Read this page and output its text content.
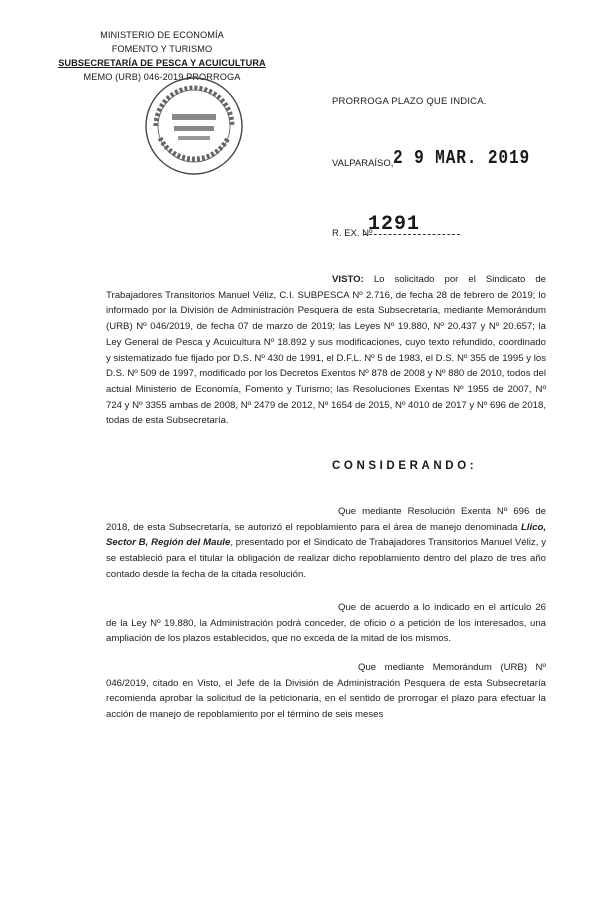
MINISTERIO DE ECONOMÍA
FOMENTO Y TURISMO
SUBSECRETARÍA DE PESCA Y ACUICULTURA
MEMO (URB) 046-2019 PRORROGA
PRORROGA PLAZO QUE INDICA.
VALPARAÍSO, 2 9 MAR. 2019
R. EX. Nº
1291
VISTO: Lo solicitado por el Sindicato de Trabajadores Transitorios Manuel Véliz, C.I. SUBPESCA Nº 2.716, de fecha 28 de febrero de 2019; lo informado por la División de Administración Pesquera de esta Subsecretaría, mediante Memorándum (URB) Nº 046/2019, de fecha 07 de marzo de 2019; las Leyes Nº 19.880, Nº 20.437 y Nº 20.657; la Ley General de Pesca y Acuicultura Nº 18.892 y sus modificaciones, cuyo texto refundido, coordinado y sistematizado fue fijado por D.S. Nº 430 de 1991, el D.F.L. Nº 5 de 1983, el D.S. Nº 355 de 1995 y los D.S. Nº 509 de 1997, modificado por los Decretos Exentos Nº 878 de 2008 y Nº 880 de 2010, todos del actual Ministerio de Economía, Fomento y Turismo; las Resoluciones Exentas Nº 1955 de 2007, Nº 724 y Nº 3355 ambas de 2008, Nº 2479 de 2012, Nº 1654 de 2015, Nº 4010 de 2017 y Nº 696 de 2018, todas de esta Subsecretaría.
CONSIDERANDO:
Que mediante Resolución Exenta Nº 696 de 2018, de esta Subsecretaría, se autorizó el repoblamiento para el área de manejo denominada Llico, Sector B, Región del Maule, presentado por el Sindicato de Trabajadores Transitorios Manuel Véliz, y se estableció para el titular la obligación de realizar dicho repoblamiento dentro del plazo de tres año contado desde la fecha de la citada resolución.
Que de acuerdo a lo indicado en el artículo 26 de la Ley Nº 19.880, la Administración podrá conceder, de oficio o a petición de los interesados, una ampliación de los plazos establecidos, que no exceda de la mitad de los mismos.
Que mediante Memorándum (URB) Nº 046/2019, citado en Visto, el Jefe de la División de Administración Pesquera de esta Subsecretaría recomienda aprobar la solicitud de la peticionaria, en el sentido de prorrogar el plazo para efectuar la acción de manejo de repoblamiento por el término de seis meses
